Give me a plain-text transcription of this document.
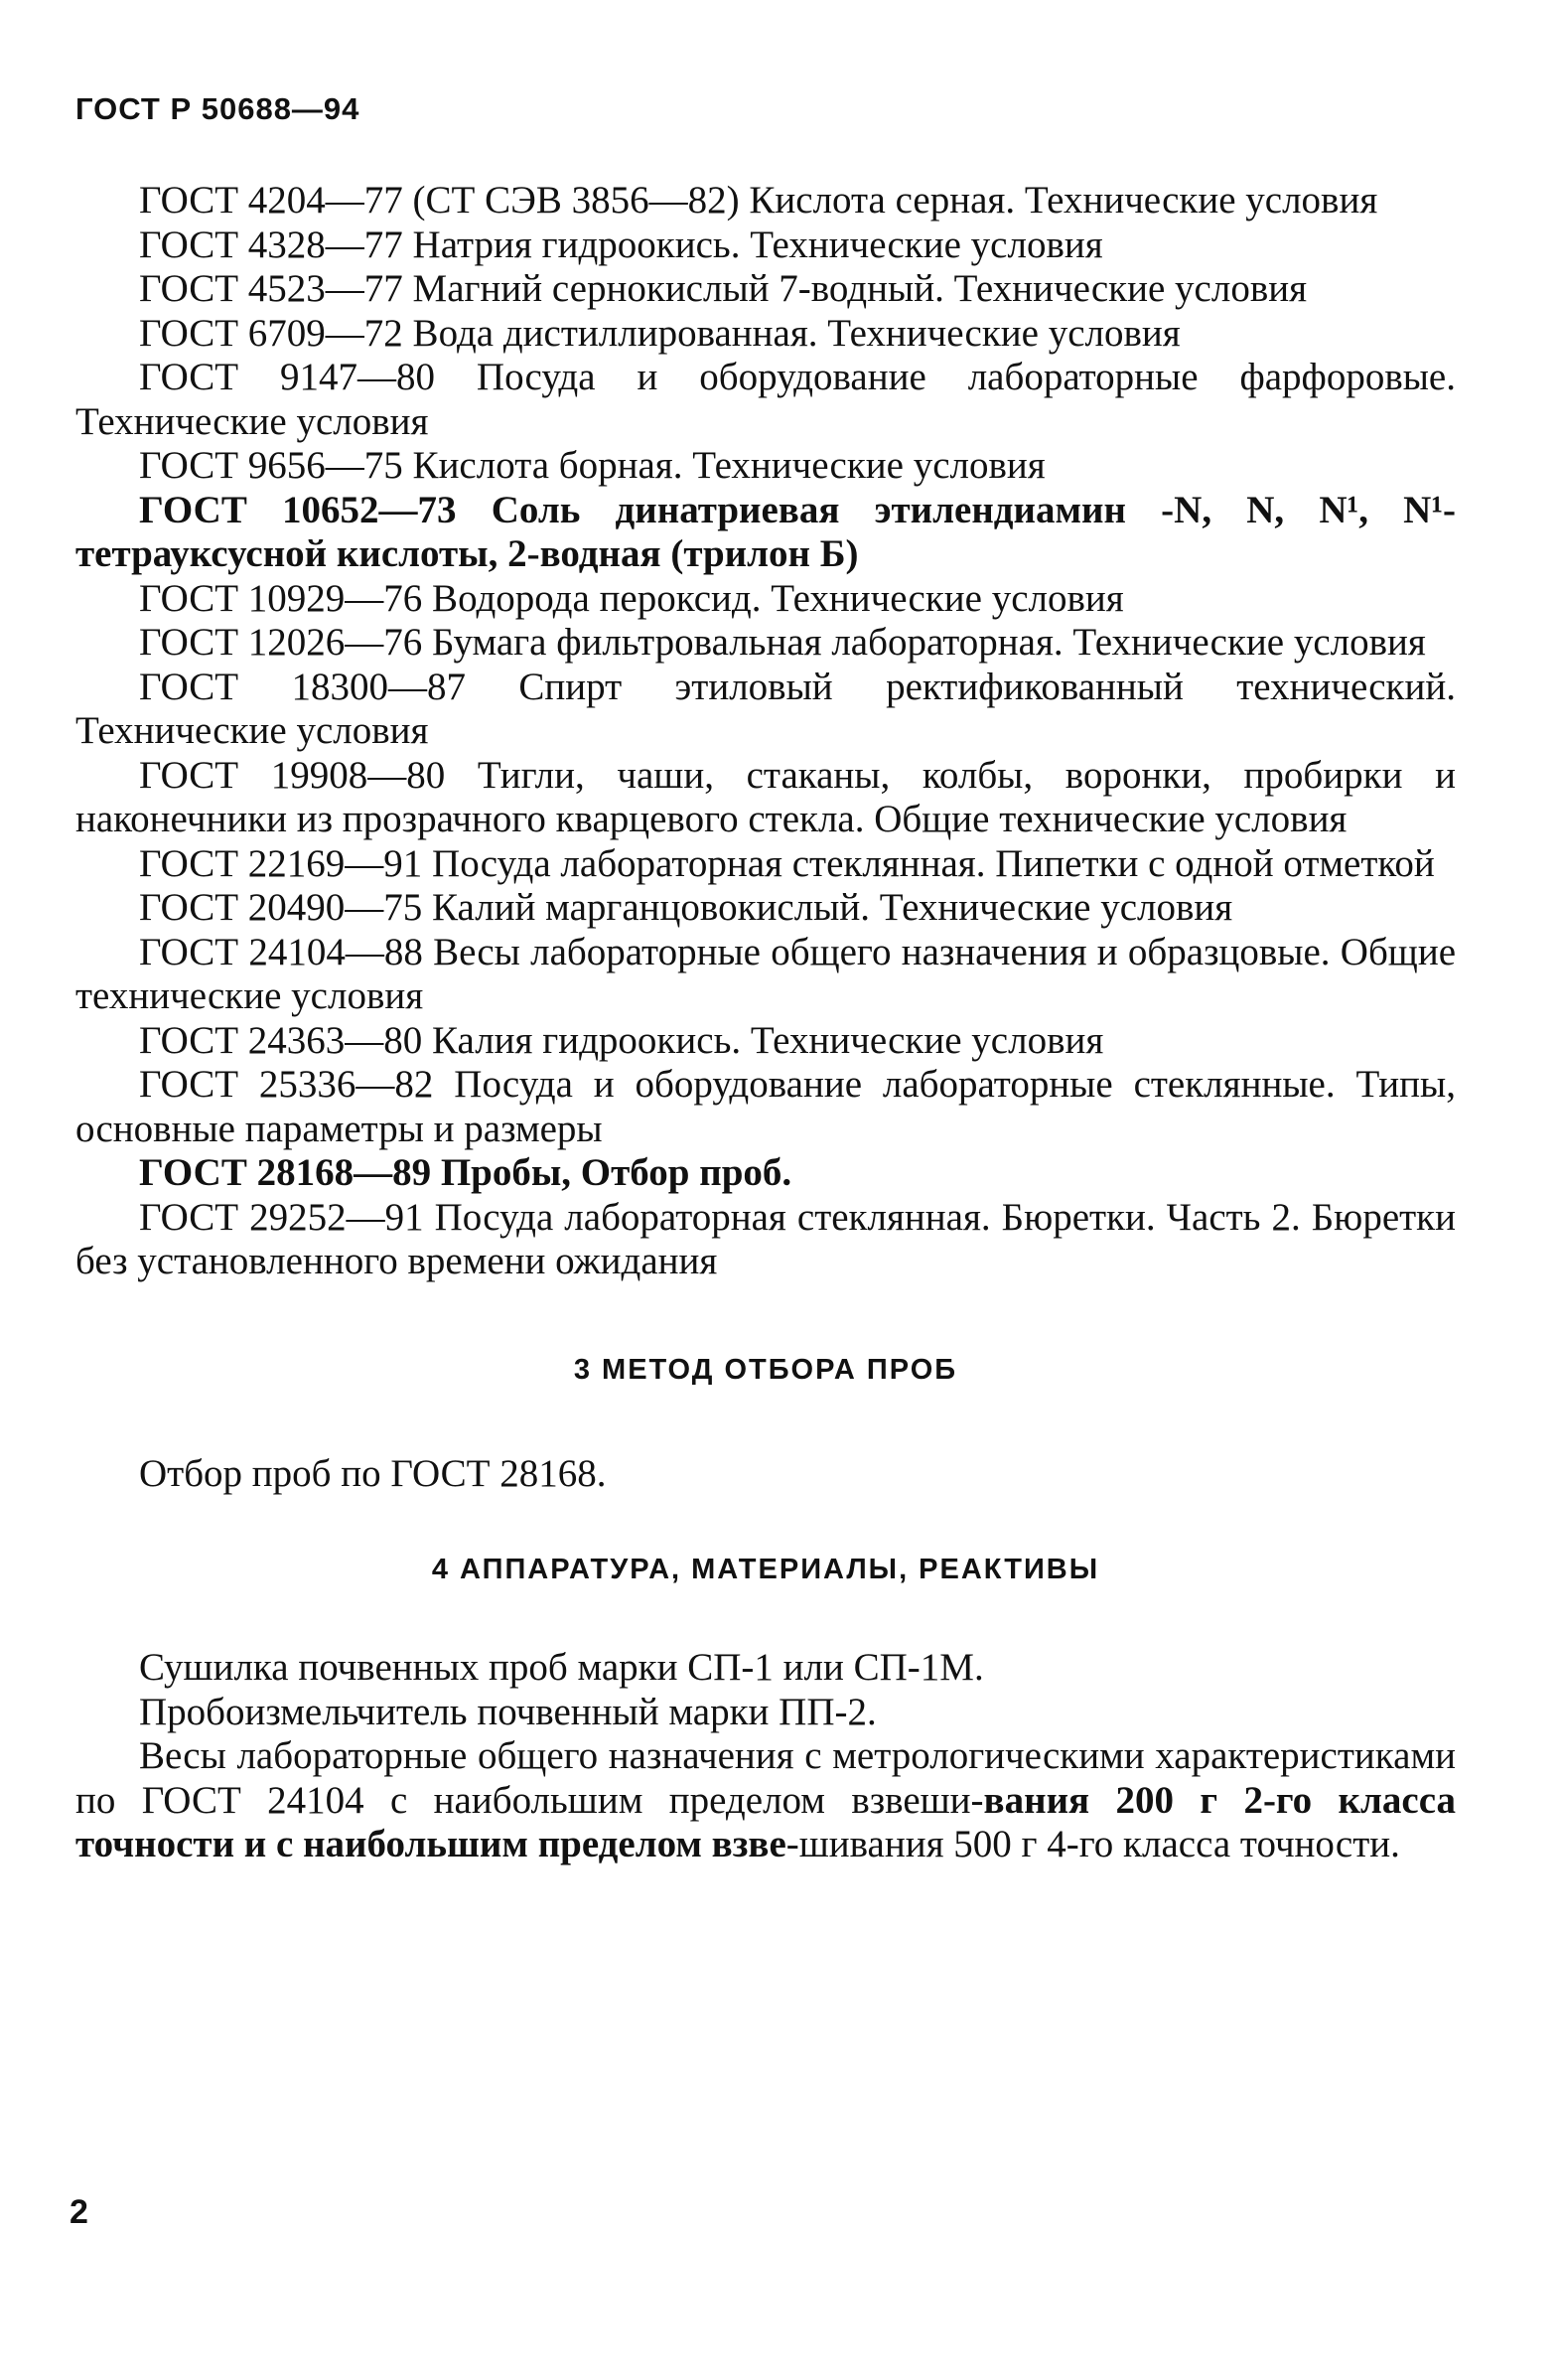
ГОСТ Р 50688—94

ГОСТ 4204—77 (СТ СЭВ 3856—82) Кислота серная. Технические условия

ГОСТ 4328—77 Натрия гидроокись. Технические условия

ГОСТ 4523—77 Магний сернокислый 7-водный. Технические условия

ГОСТ 6709—72 Вода дистиллированная. Технические условия

ГОСТ 9147—80 Посуда и оборудование лабораторные фарфоровые. Технические условия

ГОСТ 9656—75 Кислота борная. Технические условия

ГОСТ 10652—73 Соль динатриевая этилендиамин -N, N, N¹, N¹-тетрауксусной кислоты, 2-водная (трилон Б)

ГОСТ 10929—76 Водорода пероксид. Технические условия

ГОСТ 12026—76 Бумага фильтровальная лабораторная. Технические условия

ГОСТ 18300—87 Спирт этиловый ректификованный технический. Технические условия

ГОСТ 19908—80 Тигли, чаши, стаканы, колбы, воронки, пробирки и наконечники из прозрачного кварцевого стекла. Общие технические условия

ГОСТ 22169—91 Посуда лабораторная стеклянная. Пипетки с одной отметкой

ГОСТ 20490—75 Калий марганцовокислый. Технические условия

ГОСТ 24104—88 Весы лабораторные общего назначения и образцовые. Общие технические условия

ГОСТ 24363—80 Калия гидроокись. Технические условия

ГОСТ 25336—82 Посуда и оборудование лабораторные стеклянные. Типы, основные параметры и размеры

ГОСТ 28168—89 Пробы, Отбор проб.

ГОСТ 29252—91 Посуда лабораторная стеклянная. Бюретки. Часть 2. Бюретки без установленного времени ожидания

3 МЕТОД ОТБОРА ПРОБ

Отбор проб по ГОСТ 28168.

4 АППАРАТУРА, МАТЕРИАЛЫ, РЕАКТИВЫ

Сушилка почвенных проб марки СП-1 или СП-1М.

Пробоизмельчитель почвенный марки ПП-2.

Весы лабораторные общего назначения с метрологическими характеристиками по ГОСТ 24104 с наибольшим пределом взвеши-вания 200 г 2-го класса точности и с наибольшим пределом взве-шивания 500 г 4-го класса точности.

2
